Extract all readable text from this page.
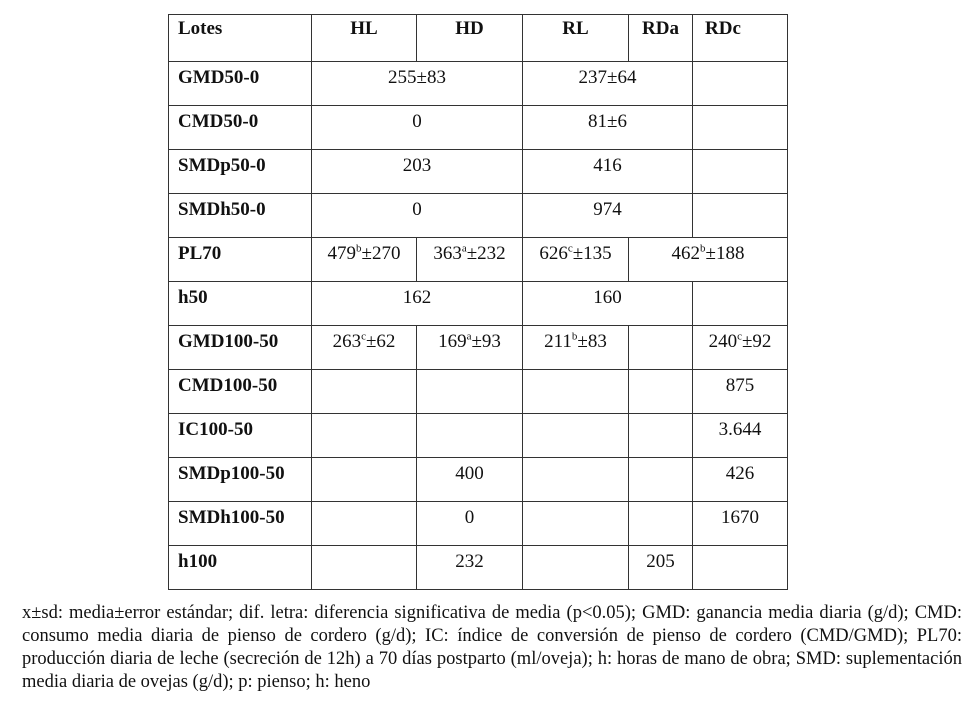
Lotes	HL	HD	RL	RDa	RDc

GMD50-0	255±83		237±64		

CMD50-0	0		81±6		

SMDp50-0	203		416		

SMDh50-0	0		974		

PL70	$479^b\pm 270$	$363^a\pm 232$	$626^c\pm 135$	$462^b\pm 188$	

h50	162		160		

GMD100-50	$263^c\pm 62$	$169^a\pm 93$	$211^b\pm 83$		$240^c\pm 92$

CMD100-50					875

IC100-50					3.644

SMDp100-50		400			426

SMDh100-50		0			1670

h100		232		205	

x±sd: media±error estándar; dif. letra: diferencia significativa de media (p<0.05); GMD: ganancia media diaria (g/d); CMD: consumo media diaria de pienso de cordero (g/d); IC: índice de conversión de pienso de cordero (CMD/GMD); PL70: producción diaria de leche (secreción de 12h) a 70 días postparto (ml/oveja); h: horas de mano de obra; SMD: suplementación media diaria de ovejas (g/d); p: pienso; h: heno
